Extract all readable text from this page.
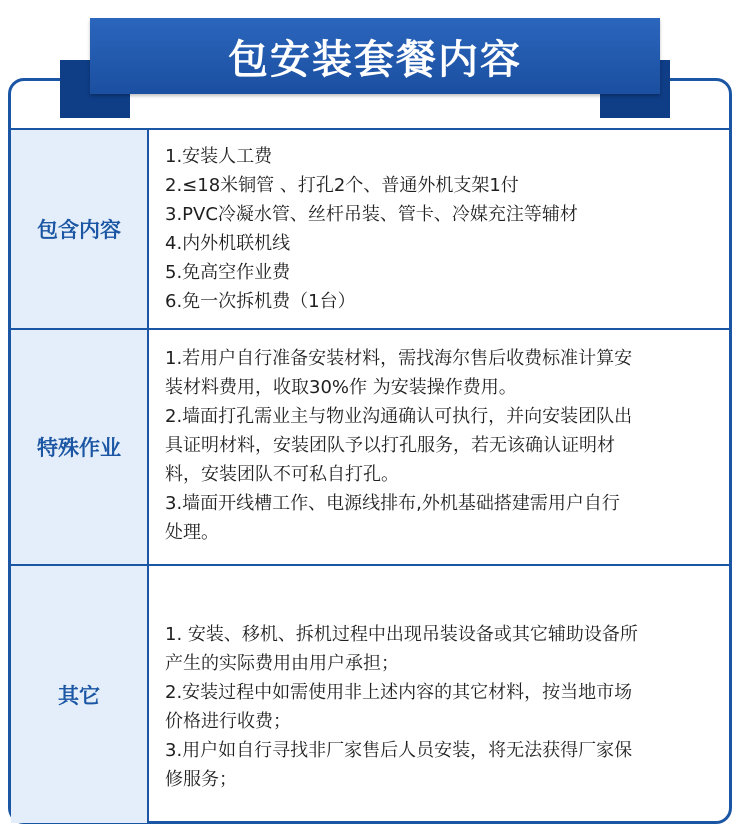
包安装套餐内容
包含内容
1.安装人工费
2.≤18米铜管 、打孔2个、普通外机支架1付
3.PVC冷凝水管、丝杆吊装、管卡、冷媒充注等辅材
4.内外机联机线
5.免高空作业费
6.免一次拆机费（1台）
特殊作业
1.若用户自行准备安装材料，需找海尔售后收费标准计算安
装材料费用，收取30%作 为安装操作费用。
2.墙面打孔需业主与物业沟通确认可执行，并向安装团队出
具证明材料，安装团队予以打孔服务，若无该确认证明材
料，安装团队不可私自打孔。
3.墙面开线槽工作、电源线排布,外机基础搭建需用户自行
处理。
其它
1. 安装、移机、拆机过程中出现吊装设备或其它辅助设备所
产生的实际费用由用户承担；
2.安装过程中如需使用非上述内容的其它材料，按当地市场
价格进行收费；
3.用户如自行寻找非厂家售后人员安装，将无法获得厂家保
修服务；
